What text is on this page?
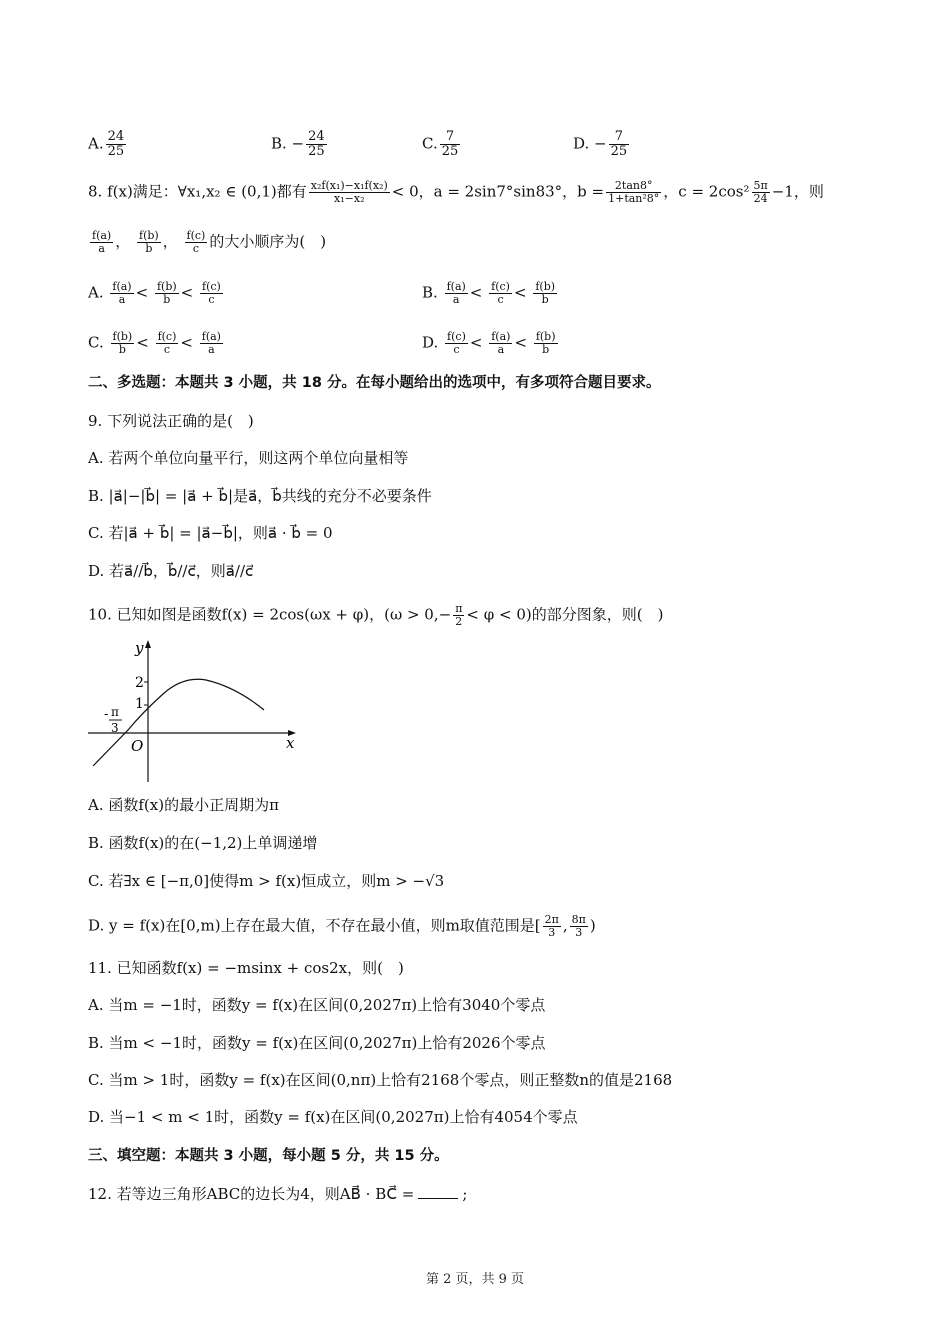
A. $\frac{24}{25}$	B. − $\frac{24}{25}$	C. $\frac{7}{25}$	D. − $\frac{7}{25}$
8. f(x)满足：∀x₁,x₂ ∈ (0,1)都有 $\frac{\text{x₂f(x₁)−x₁f(x₂)}}{\text{x₁−x₂}} < 0$，a = 2sin7°sin83°，$b = \frac{2\tan 8^\circ}{\text{1+tan²8°}}$ ，$c = 2\cos^2 \frac{5\pi}{24} -1$，则
$\frac{f(a)}{a}$ ， $\frac{f(b)}{b}$ ， $\frac{f(c)}{c}$ 的大小顺序为(　)
A. $\frac{f(a)}{a} < \frac{f(b)}{b} < \frac{f(c)}{c}$	B. $\frac{f(a)}{a} < \frac{f(c)}{c} < \frac{f(b)}{b}$
C. $\frac{f(b)}{b} < \frac{f(c)}{c} < \frac{f(a)}{a}$	D. $\frac{f(c)}{c} < \frac{f(a)}{a} < \frac{f(b)}{b}$
二、多选题：本题共 3 小题，共 18 分。在每小题给出的选项中，有多项符合题目要求。
9. 下列说法正确的是(　)
A. 若两个单位向量平行，则这两个单位向量相等
B. |a⃗|−|b⃗| = |a⃗ + b⃗|是a⃗，b⃗共线的充分不必要条件
C. 若|a⃗ + b⃗| = |a⃗−b⃗|，则a⃗ · b⃗ = 0
D. 若a⃗//b⃗，b⃗//c⃗，则a⃗//c⃗
10. 已知如图是函数f(x) = 2cos(ωx + φ)，$(\omega > 0,- \frac{\pi}{2} < \varphi < 0)$的部分图象，则(　)
y
x
O
2
1
- π
3
A. 函数f(x)的最小正周期为π
B. 函数f(x)的在(−1,2)上单调递增
C. 若∃x ∈ [−π,0]使得m > f(x)恒成立，则m > −√3
D. y = f(x)在[0,m)上存在最大值，不存在最小值，则m取值范围是[ $\frac{2\pi}{3}$ , $\frac{8\pi}{3}$ )
11. 已知函数f(x) = −msinx + cos2x，则(　)
A. 当m = −1时，函数y = f(x)在区间(0,2027π)上恰有3040个零点
B. 当m < −1时，函数y = f(x)在区间(0,2027π)上恰有2026个零点
C. 当m > 1时，函数y = f(x)在区间(0,nπ)上恰有2168个零点，则正整数n的值是2168
D. 当−1 < m < 1时，函数y = f(x)在区间(0,2027π)上恰有4054个零点
三、填空题：本题共 3 小题，每小题 5 分，共 15 分。
12. 若等边三角形ABC的边长为4，则AB⃗ · BC⃗ =	;
第 2 页，共 9 页
